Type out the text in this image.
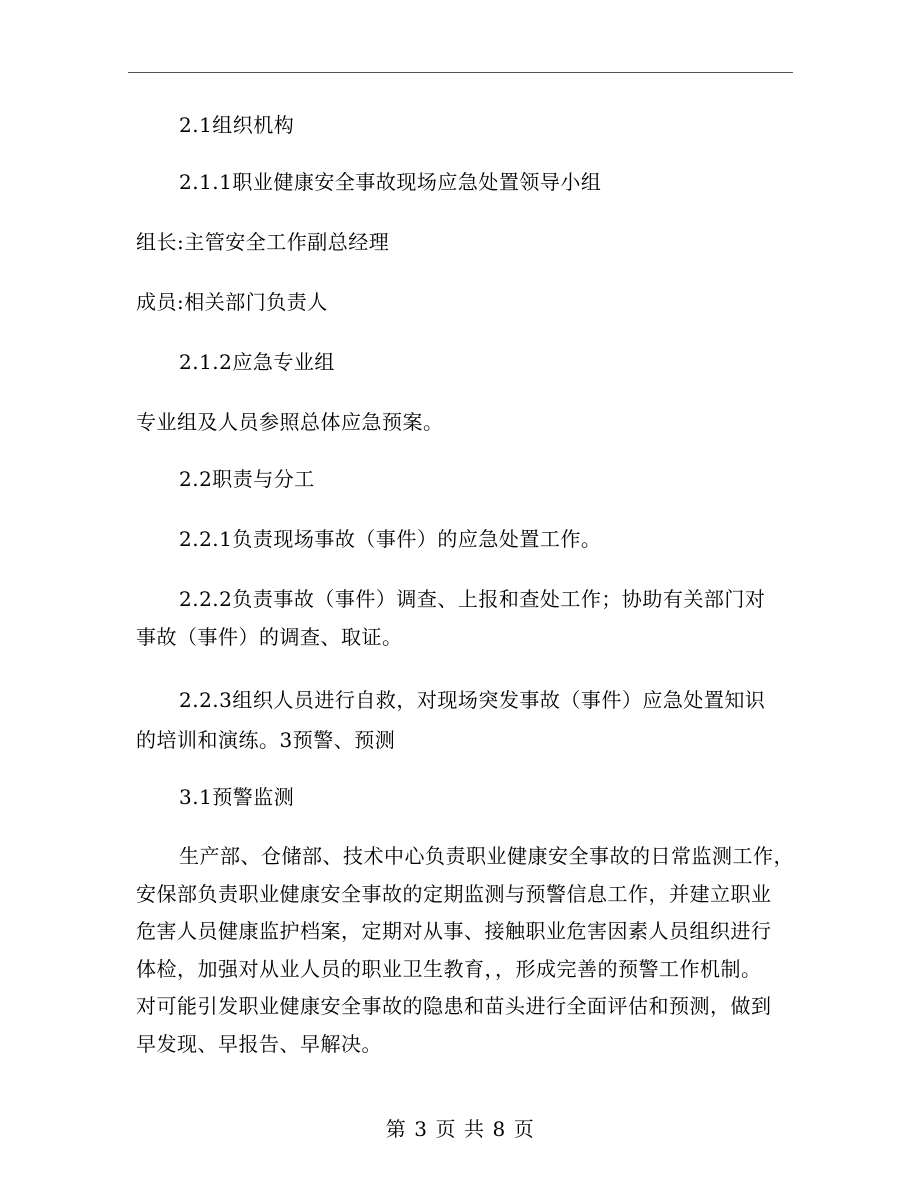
2.1组织机构
2.1.1职业健康安全事故现场应急处置领导小组
组长:主管安全工作副总经理
成员:相关部门负责人
2.1.2应急专业组
专业组及人员参照总体应急预案。
2.2职责与分工
2.2.1负责现场事故（事件）的应急处置工作。
2.2.2负责事故（事件）调查、上报和查处工作；协助有关部门对
事故（事件）的调查、取证。
2.2.3组织人员进行自救，对现场突发事故（事件）应急处置知识
的培训和演练。3预警、预测
3.1预警监测
生产部、仓储部、技术中心负责职业健康安全事故的日常监测工作，
安保部负责职业健康安全事故的定期监测与预警信息工作，并建立职业
危害人员健康监护档案，定期对从事、接触职业危害因素人员组织进行
体检，加强对从业人员的职业卫生教育，，形成完善的预警工作机制。
对可能引发职业健康安全事故的隐患和苗头进行全面评估和预测，做到
早发现、早报告、早解决。
第 3 页 共 8 页
